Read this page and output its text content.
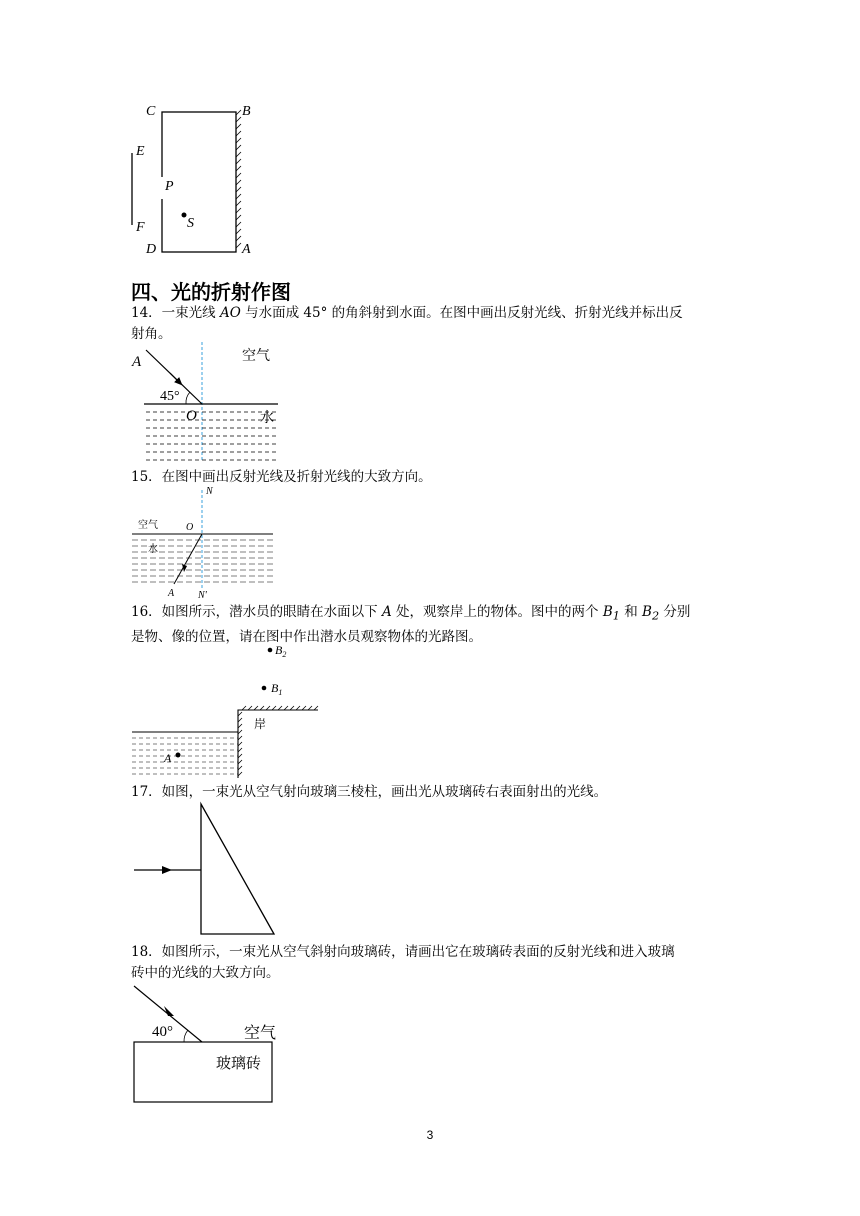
C	B
E
P
F	S
D	A
四、光的折射作图
14．一束光线 AO 与水面成 45° 的角斜射到水面。在图中画出反射光线、折射光线并标出反
射角。
A
45°
O
空气
水
15．在图中画出反射光线及折射光线的大致方向。
N
空气	O
水
A N'
16．如图所示，潜水员的眼睛在水面以下 A 处，观察岸上的物体。图中的两个 $B_1$ 和 $B_2$ 分别
是物、像的位置，请在图中作出潜水员观察物体的光路图。
$B_2$
$B_1$
A
岸
17．如图，一束光从空气射向玻璃三棱柱，画出光从玻璃砖右表面射出的光线。
18．如图所示，一束光从空气斜射向玻璃砖，请画出它在玻璃砖表面的反射光线和进入玻璃
砖中的光线的大致方向。
40°	空气
玻璃砖
3
